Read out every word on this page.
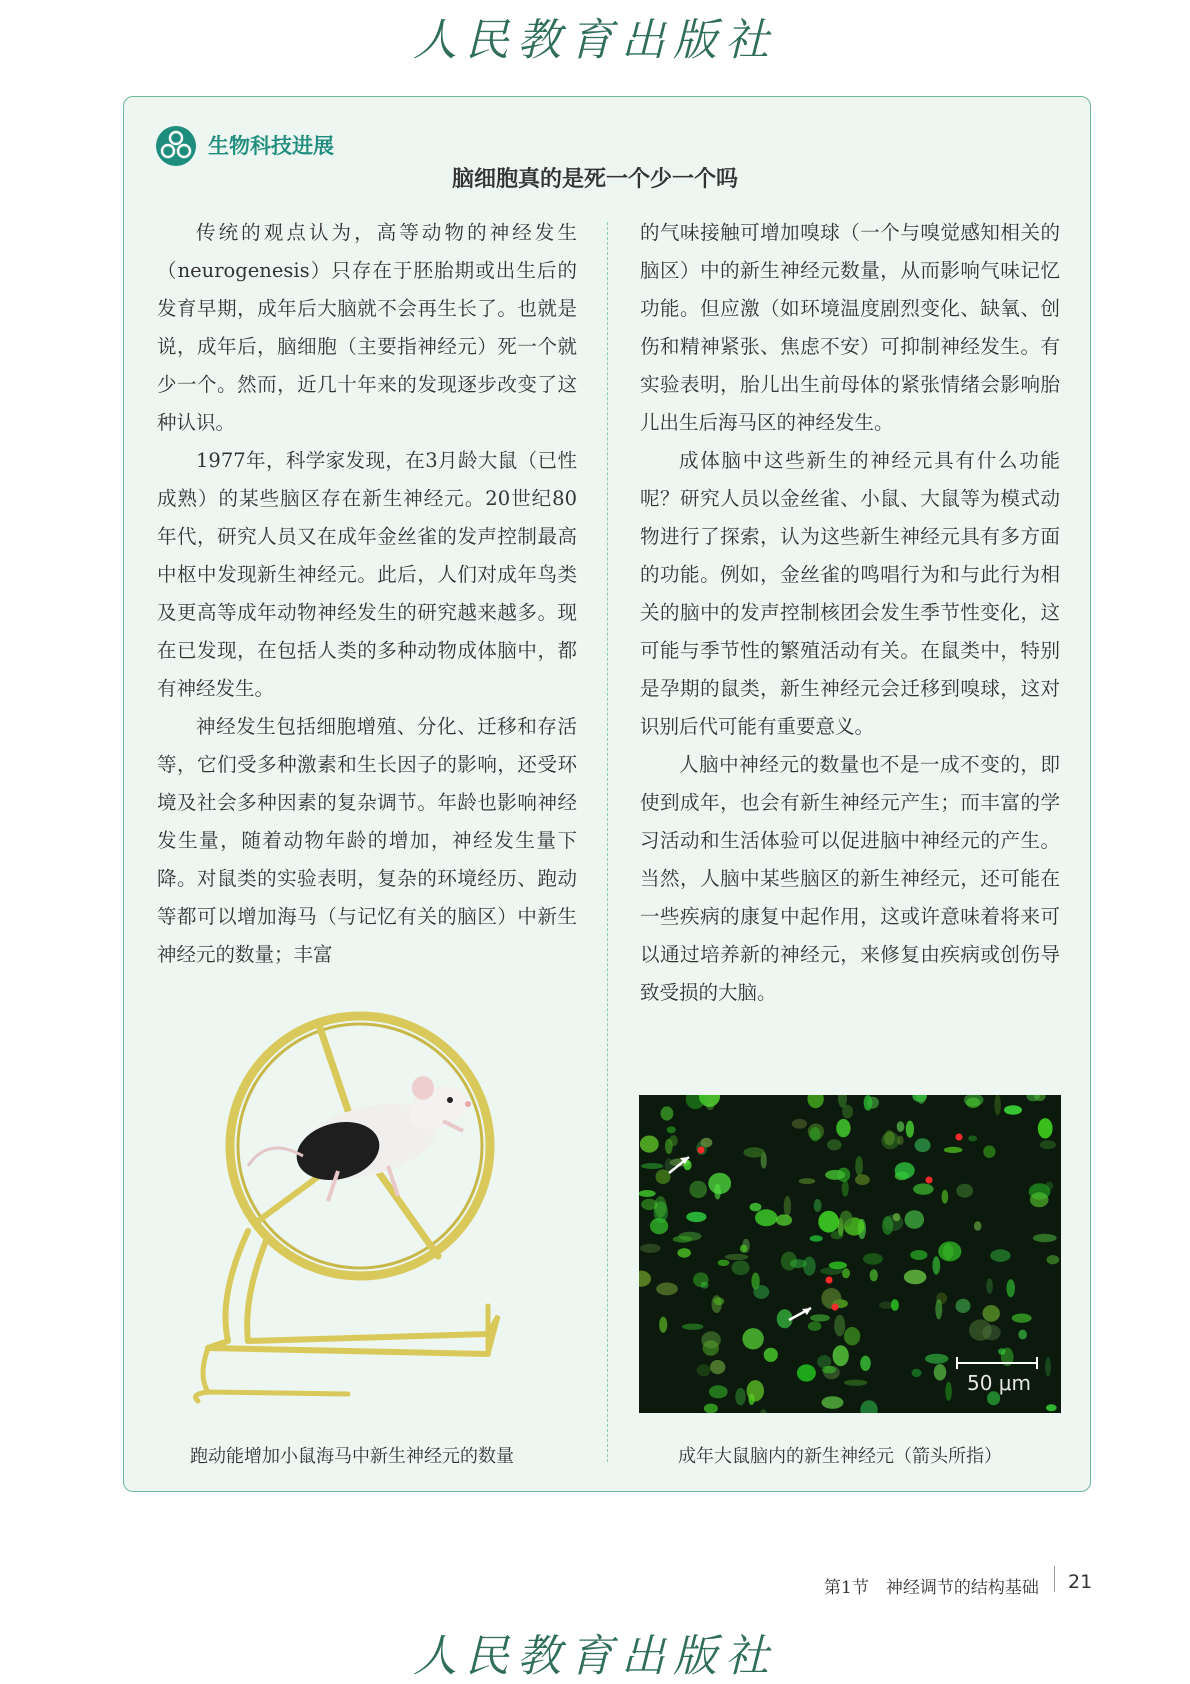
人民教育出版社
生物科技进展
脑细胞真的是死一个少一个吗

传统的观点认为，高等动物的神经发生（neurogenesis）只存在于胚胎期或出生后的发育早期，成年后大脑就不会再生长了。也就是说，成年后，脑细胞（主要指神经元）死一个就少一个。然而，近几十年来的发现逐步改变了这种认识。

1977年，科学家发现，在3月龄大鼠（已性成熟）的某些脑区存在新生神经元。20世纪80年代，研究人员又在成年金丝雀的发声控制最高中枢中发现新生神经元。此后，人们对成年鸟类及更高等成年动物神经发生的研究越来越多。现在已发现，在包括人类的多种动物成体脑中，都有神经发生。

神经发生包括细胞增殖、分化、迁移和存活等，它们受多种激素和生长因子的影响，还受环境及社会多种因素的复杂调节。年龄也影响神经发生量，随着动物年龄的增加，神经发生量下降。对鼠类的实验表明，复杂的环境经历、跑动等都可以增加海马（与记忆有关的脑区）中新生神经元的数量；丰富

的气味接触可增加嗅球（一个与嗅觉感知相关的脑区）中的新生神经元数量，从而影响气味记忆功能。但应激（如环境温度剧烈变化、缺氧、创伤和精神紧张、焦虑不安）可抑制神经发生。有实验表明，胎儿出生前母体的紧张情绪会影响胎儿出生后海马区的神经发生。

成体脑中这些新生的神经元具有什么功能呢？研究人员以金丝雀、小鼠、大鼠等为模式动物进行了探索，认为这些新生神经元具有多方面的功能。例如，金丝雀的鸣唱行为和与此行为相关的脑中的发声控制核团会发生季节性变化，这可能与季节性的繁殖活动有关。在鼠类中，特别是孕期的鼠类，新生神经元会迁移到嗅球，这对识别后代可能有重要意义。

人脑中神经元的数量也不是一成不变的，即使到成年，也会有新生神经元产生；而丰富的学习活动和生活体验可以促进脑中神经元的产生。当然，人脑中某些脑区的新生神经元，还可能在一些疾病的康复中起作用，这或许意味着将来可以通过培养新的神经元，来修复由疾病或创伤导致受损的大脑。

50 μm
跑动能增加小鼠海马中新生神经元的数量	成年大鼠脑内的新生神经元（箭头所指）
第1节　神经调节的结构基础 21
人民教育出版社
